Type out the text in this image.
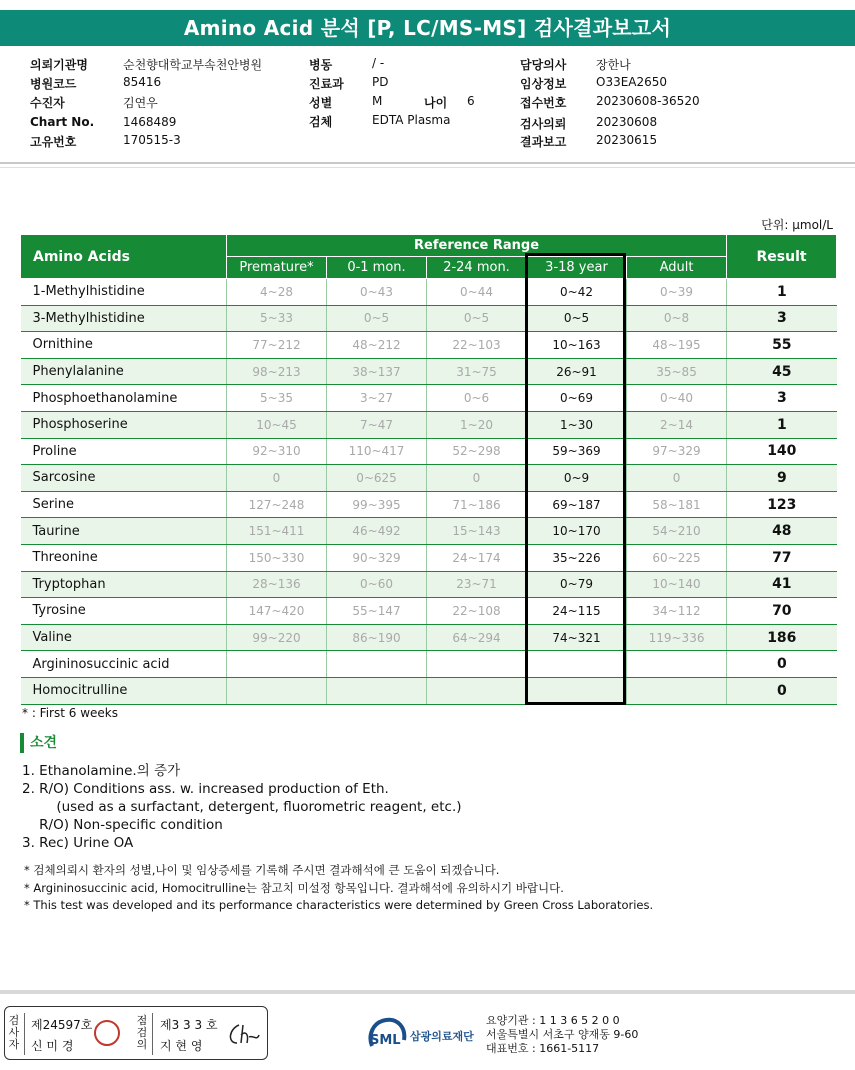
Amino Acid 분석 [P, LC/MS-MS] 검사결과보고서
의뢰기관명	순천향대학교부속천안병원
병원코드	85416
수진자	김연우
Chart No. 1468489
고유번호	170515-3
병동	/ -
진료과 PD
성별	M	나이 6
검체	EDTA Plasma
담당의사 장한나
임상정보 O33EA2650
접수번호 20230608-36520
검사의뢰 20230608
결과보고 20230615
단위: µmol/L
Amino Acids	Reference Range					Result
	Premature*	0-1 mon.	2-24 mon.	3-18 year	Adult	
1-Methylhistidine	4~28	0~43	0~44	0~42	0~39	1
3-Methylhistidine	5~33	0~5	0~5	0~5	0~8	3
Ornithine	77~212	48~212	22~103	10~163	48~195	55
Phenylalanine	98~213	38~137	31~75	26~91	35~85	45
Phosphoethanolamine	5~35	3~27	0~6	0~69	0~40	3
Phosphoserine	10~45	7~47	1~20	1~30	2~14	1
Proline	92~310	110~417	52~298	59~369	97~329	140
Sarcosine	0	0~625	0	0~9	0	9
Serine	127~248	99~395	71~186	69~187	58~181	123
Taurine	151~411	46~492	15~143	10~170	54~210	48
Threonine	150~330	90~329	24~174	35~226	60~225	77
Tryptophan	28~136	0~60	23~71	0~79	10~140	41
Tyrosine	147~420	55~147	22~108	24~115	34~112	70
Valine	99~220	86~190	64~294	74~321	119~336	186
Argininosuccinic acid						0
Homocitrulline						0
* : First 6 weeks
소견
1. Ethanolamine.의 증가
2. R/O) Conditions ass. w. increased production of Eth.
(used as a surfactant, detergent, fluorometric reagent, etc.)
R/O) Non-specific condition
3. Rec) Urine OA
* 검체의뢰시 환자의 성별,나이 및 임상증세를 기록해 주시면 결과해석에 큰 도움이 되겠습니다.
* Argininosuccinic acid, Homocitrulline는 참고치 미설정 항목입니다. 결과해석에 유의하시기 바랍니다.
* This test was developed and its performance characteristics were determined by Green Cross Laboratories.
검사자
제24597호
신 미 경
점검의
제3 3 3 호
지 현 영	SML 삼광의료재단
요양기관 : 1 1 3 6 5 2 0 0
서울특별시 서초구 양재동 9-60
대표번호 : 1661-5117
